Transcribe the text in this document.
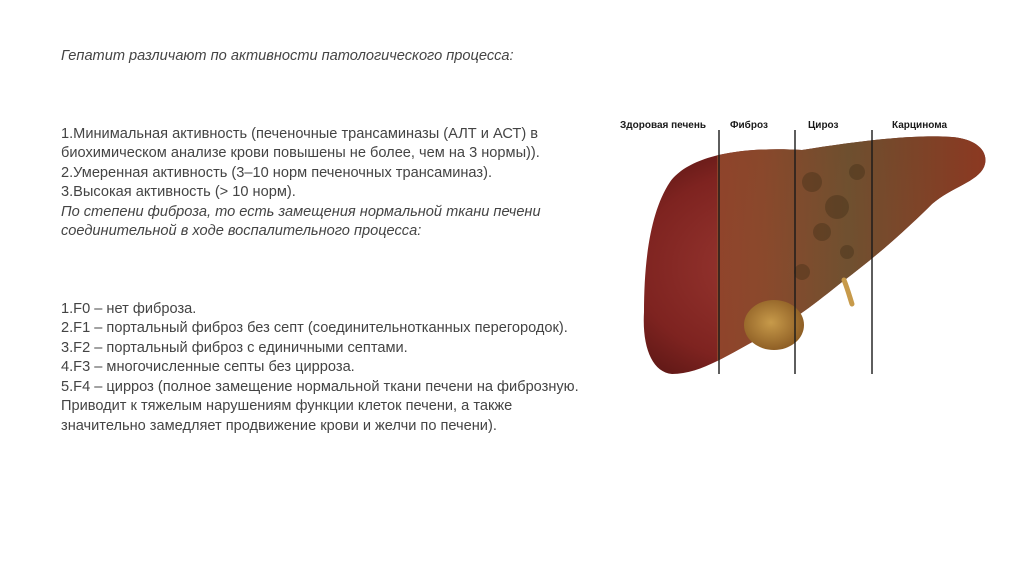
Гепатит различают по активности патологического процесса:

1.Минимальная активность (печеночные трансаминазы (АЛТ и АСТ) в биохимическом анализе крови повышены не более, чем на 3 нормы)).

2.Умеренная активность (3–10 норм печеночных трансаминаз).

3.Высокая активность (> 10 норм).

По степени фиброза, то есть замещения нормальной ткани печени соединительной в ходе воспалительного процесса:

1.F0 – нет фиброза.

2.F1 – портальный фиброз без септ (соединительнотканных перегородок).

3.F2 – портальный фиброз с единичными септами.

4.F3 – многочисленные септы без цирроза.

5.F4 – цирроз (полное замещение нормальной ткани печени на фиброзную. Приводит к тяжелым нарушениям функции клеток печени, а также значительно замедляет продвижение крови и желчи по печени).

Здоровая печень Фиброз	Цироз	Карцинома
